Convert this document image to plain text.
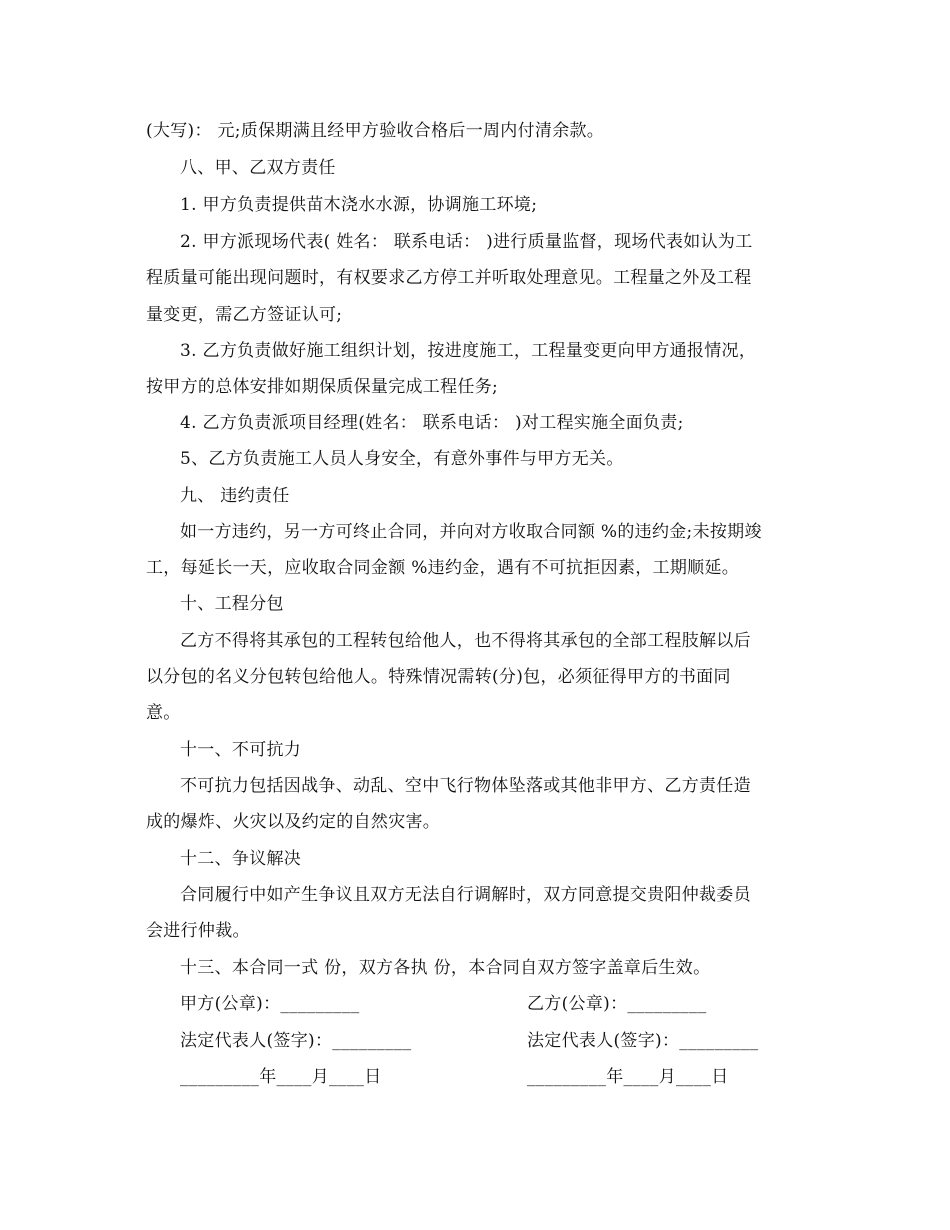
(大写)： 元;质保期满且经甲方验收合格后一周内付清余款。
八、甲、乙双方责任
1. 甲方负责提供苗木浇水水源，协调施工环境;
2. 甲方派现场代表( 姓名： 联系电话： )进行质量监督，现场代表如认为工
程质量可能出现问题时，有权要求乙方停工并听取处理意见。工程量之外及工程
量变更，需乙方签证认可;
3. 乙方负责做好施工组织计划，按进度施工，工程量变更向甲方通报情况，
按甲方的总体安排如期保质保量完成工程任务;
4. 乙方负责派项目经理(姓名： 联系电话： )对工程实施全面负责;
5、乙方负责施工人员人身安全，有意外事件与甲方无关。
九、 违约责任
如一方违约，另一方可终止合同，并向对方收取合同额 %的违约金;未按期竣
工，每延长一天，应收取合同金额 %违约金，遇有不可抗拒因素，工期顺延。
十、工程分包
乙方不得将其承包的工程转包给他人，也不得将其承包的全部工程肢解以后
以分包的名义分包转包给他人。特殊情况需转(分)包，必须征得甲方的书面同
意。
十一、不可抗力
不可抗力包括因战争、动乱、空中飞行物体坠落或其他非甲方、乙方责任造
成的爆炸、火灾以及约定的自然灾害。
十二、争议解决
合同履行中如产生争议且双方无法自行调解时，双方同意提交贵阳仲裁委员
会进行仲裁。
十三、本合同一式 份，双方各执 份，本合同自双方签字盖章后生效。
甲方(公章)：_________	乙方(公章)：_________
法定代表人(签字)：_________	法定代表人(签字)：_________
_________年____月____日	_________年____月____日
